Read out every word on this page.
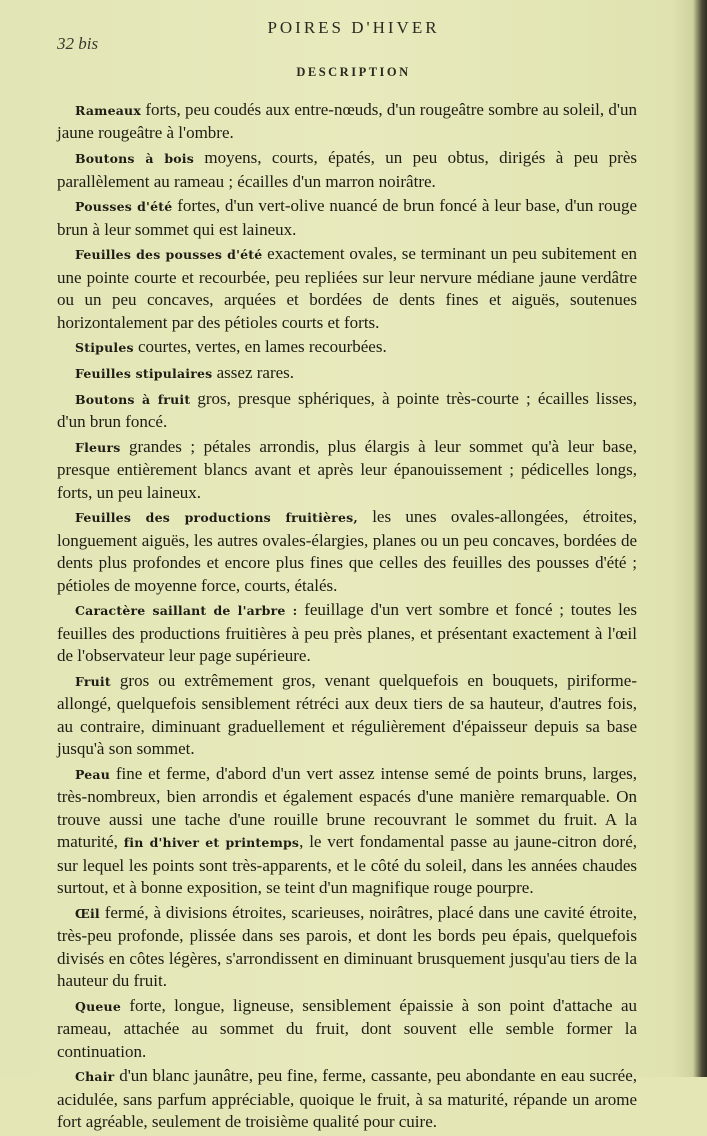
32 bis
POIRES D'HIVER
DESCRIPTION

Rameaux forts, peu coudés aux entre-nœuds, d'un rougeâtre sombre au soleil, d'un jaune rougeâtre à l'ombre.

Boutons à bois moyens, courts, épatés, un peu obtus, dirigés à peu près parallèlement au rameau ; écailles d'un marron noirâtre.

Pousses d'été fortes, d'un vert-olive nuancé de brun foncé à leur base, d'un rouge brun à leur sommet qui est laineux.

Feuilles des pousses d'été exactement ovales, se terminant un peu subitement en une pointe courte et recourbée, peu repliées sur leur nervure médiane jaune verdâtre ou un peu concaves, arquées et bordées de dents fines et aiguës, soutenues horizontalement par des pétioles courts et forts.

Stipules courtes, vertes, en lames recourbées.

Feuilles stipulaires assez rares.

Boutons à fruit gros, presque sphériques, à pointe très-courte ; écailles lisses, d'un brun foncé.

Fleurs grandes ; pétales arrondis, plus élargis à leur sommet qu'à leur base, presque entièrement blancs avant et après leur épanouissement ; pédicelles longs, forts, un peu laineux.

Feuilles des productions fruitières, les unes ovales-allongées, étroites, longuement aiguës, les autres ovales-élargies, planes ou un peu concaves, bordées de dents plus profondes et encore plus fines que celles des feuilles des pousses d'été ; pétioles de moyenne force, courts, étalés.

Caractère saillant de l'arbre : feuillage d'un vert sombre et foncé ; toutes les feuilles des productions fruitières à peu près planes, et présentant exactement à l'œil de l'observateur leur page supérieure.

Fruit gros ou extrêmement gros, venant quelquefois en bouquets, piriforme-allongé, quelquefois sensiblement rétréci aux deux tiers de sa hauteur, d'autres fois, au contraire, diminuant graduellement et régulièrement d'épaisseur depuis sa base jusqu'à son sommet.

Peau fine et ferme, d'abord d'un vert assez intense semé de points bruns, larges, très-nombreux, bien arrondis et également espacés d'une manière remarquable. On trouve aussi une tache d'une rouille brune recouvrant le sommet du fruit. A la maturité, fin d'hiver et printemps, le vert fondamental passe au jaune-citron doré, sur lequel les points sont très-apparents, et le côté du soleil, dans les années chaudes surtout, et à bonne exposition, se teint d'un magnifique rouge pourpre.

Œil fermé, à divisions étroites, scarieuses, noirâtres, placé dans une cavité étroite, très-peu profonde, plissée dans ses parois, et dont les bords peu épais, quelquefois divisés en côtes légères, s'arrondissent en diminuant brusquement jusqu'au tiers de la hauteur du fruit.

Queue forte, longue, ligneuse, sensiblement épaissie à son point d'attache au rameau, attachée au sommet du fruit, dont souvent elle semble former la continuation.

Chair d'un blanc jaunâtre, peu fine, ferme, cassante, peu abondante en eau sucrée, acidulée, sans parfum appréciable, quoique le fruit, à sa maturité, répande un arome fort agréable, seulement de troisième qualité pour cuire.
